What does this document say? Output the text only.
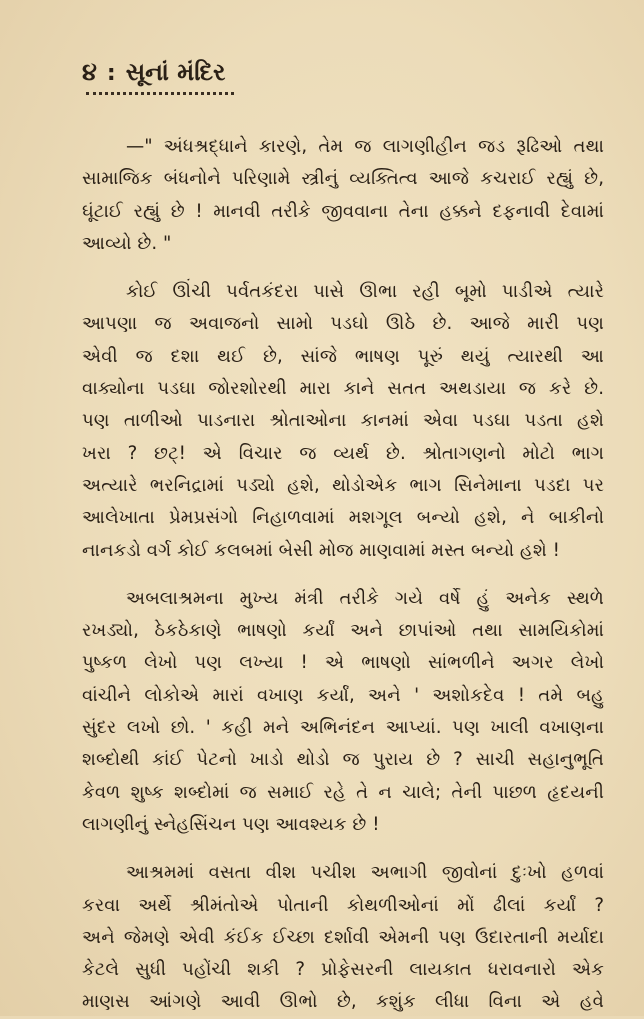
૪ : સૂનાં મંદિર
—" અંધશ્રદ્ધાને કારણે, તેમ જ લાગણીહીન જડ રૂઢિઓ તથા
સામાજિક બંધનોને પરિણામે સ્ત્રીનું વ્યક્તિત્વ આજે કચરાઈ રહ્યું છે,
ઘૂંટાઈ રહ્યું છે ! માનવી તરીકે જીવવાના તેના હક્કને દફનાવી દેવામાં
આવ્યો છે. "
કોઈ ઊંચી પર્વતકંદરા પાસે ઊભા રહી બૂમો પાડીએ ત્યારે
આપણા જ અવાજનો સામો પડઘો ઊઠે છે. આજે મારી પણ
એવી જ દશા થઈ છે, સાંજે ભાષણ પૂરું થયું ત્યારથી આ
વાક્યોના પડઘા જોરશોરથી મારા કાને સતત અથડાયા જ કરે છે.
પણ તાળીઓ પાડનારા શ્રોતાઓના કાનમાં એવા પડઘા પડતા હશે
ખરા ? છટ્! એ વિચાર જ વ્યર્થ છે. શ્રોતાગણનો મોટો ભાગ
અત્યારે ભરનિદ્રામાં પડ્યો હશે, થોડોએક ભાગ સિનેમાના પડદા પર
આલેખાતા પ્રેમપ્રસંગો નિહાળવામાં મશગૂલ બન્યો હશે, ને બાકીનો
નાનકડો વર્ગ કોઈ કલબમાં બેસી મોજ માણવામાં મસ્ત બન્યો હશે !
અબલાશ્રમના મુખ્ય મંત્રી તરીકે ગયે વર્ષે હું અનેક સ્થળે
રખડ્યો, ઠેકઠેકાણે ભાષણો કર્યાં અને છાપાંઓ તથા સામયિકોમાં
પુષ્કળ લેખો પણ લખ્યા ! એ ભાષણો સાંભળીને અગર લેખો
વાંચીને લોકોએ મારાં વખાણ કર્યાં, અને ' અશોકદેવ ! તમે બહુ
સુંદર લખો છો. ' કહી મને અભિનંદન આપ્યાં. પણ ખાલી વખાણના
શબ્દોથી કાંઈ પેટનો ખાડો થોડો જ પુરાય છે ? સાચી સહાનુભૂતિ
કેવળ શુષ્ક શબ્દોમાં જ સમાઈ રહે તે ન ચાલે; તેની પાછળ હૃદયની
લાગણીનું સ્નેહસિંચન પણ આવશ્યક છે !
આશ્રમમાં વસતા વીશ પચીશ અભાગી જીવોનાં દુઃખો હળવાં
કરવા અર્થે શ્રીમંતોએ પોતાની કોથળીઓનાં મોં ઢીલાં કર્યાં ?
અને જેમણે એવી કંઈક ઈચ્છા દર્શાવી એમની પણ ઉદારતાની મર્યાદા
કેટલે સુધી પહોંચી શકી ? પ્રોફેસરની લાયકાત ધરાવનારો એક
માણસ આંગણે આવી ઊભો છે, કશુંક લીધા વિના એ હવે
